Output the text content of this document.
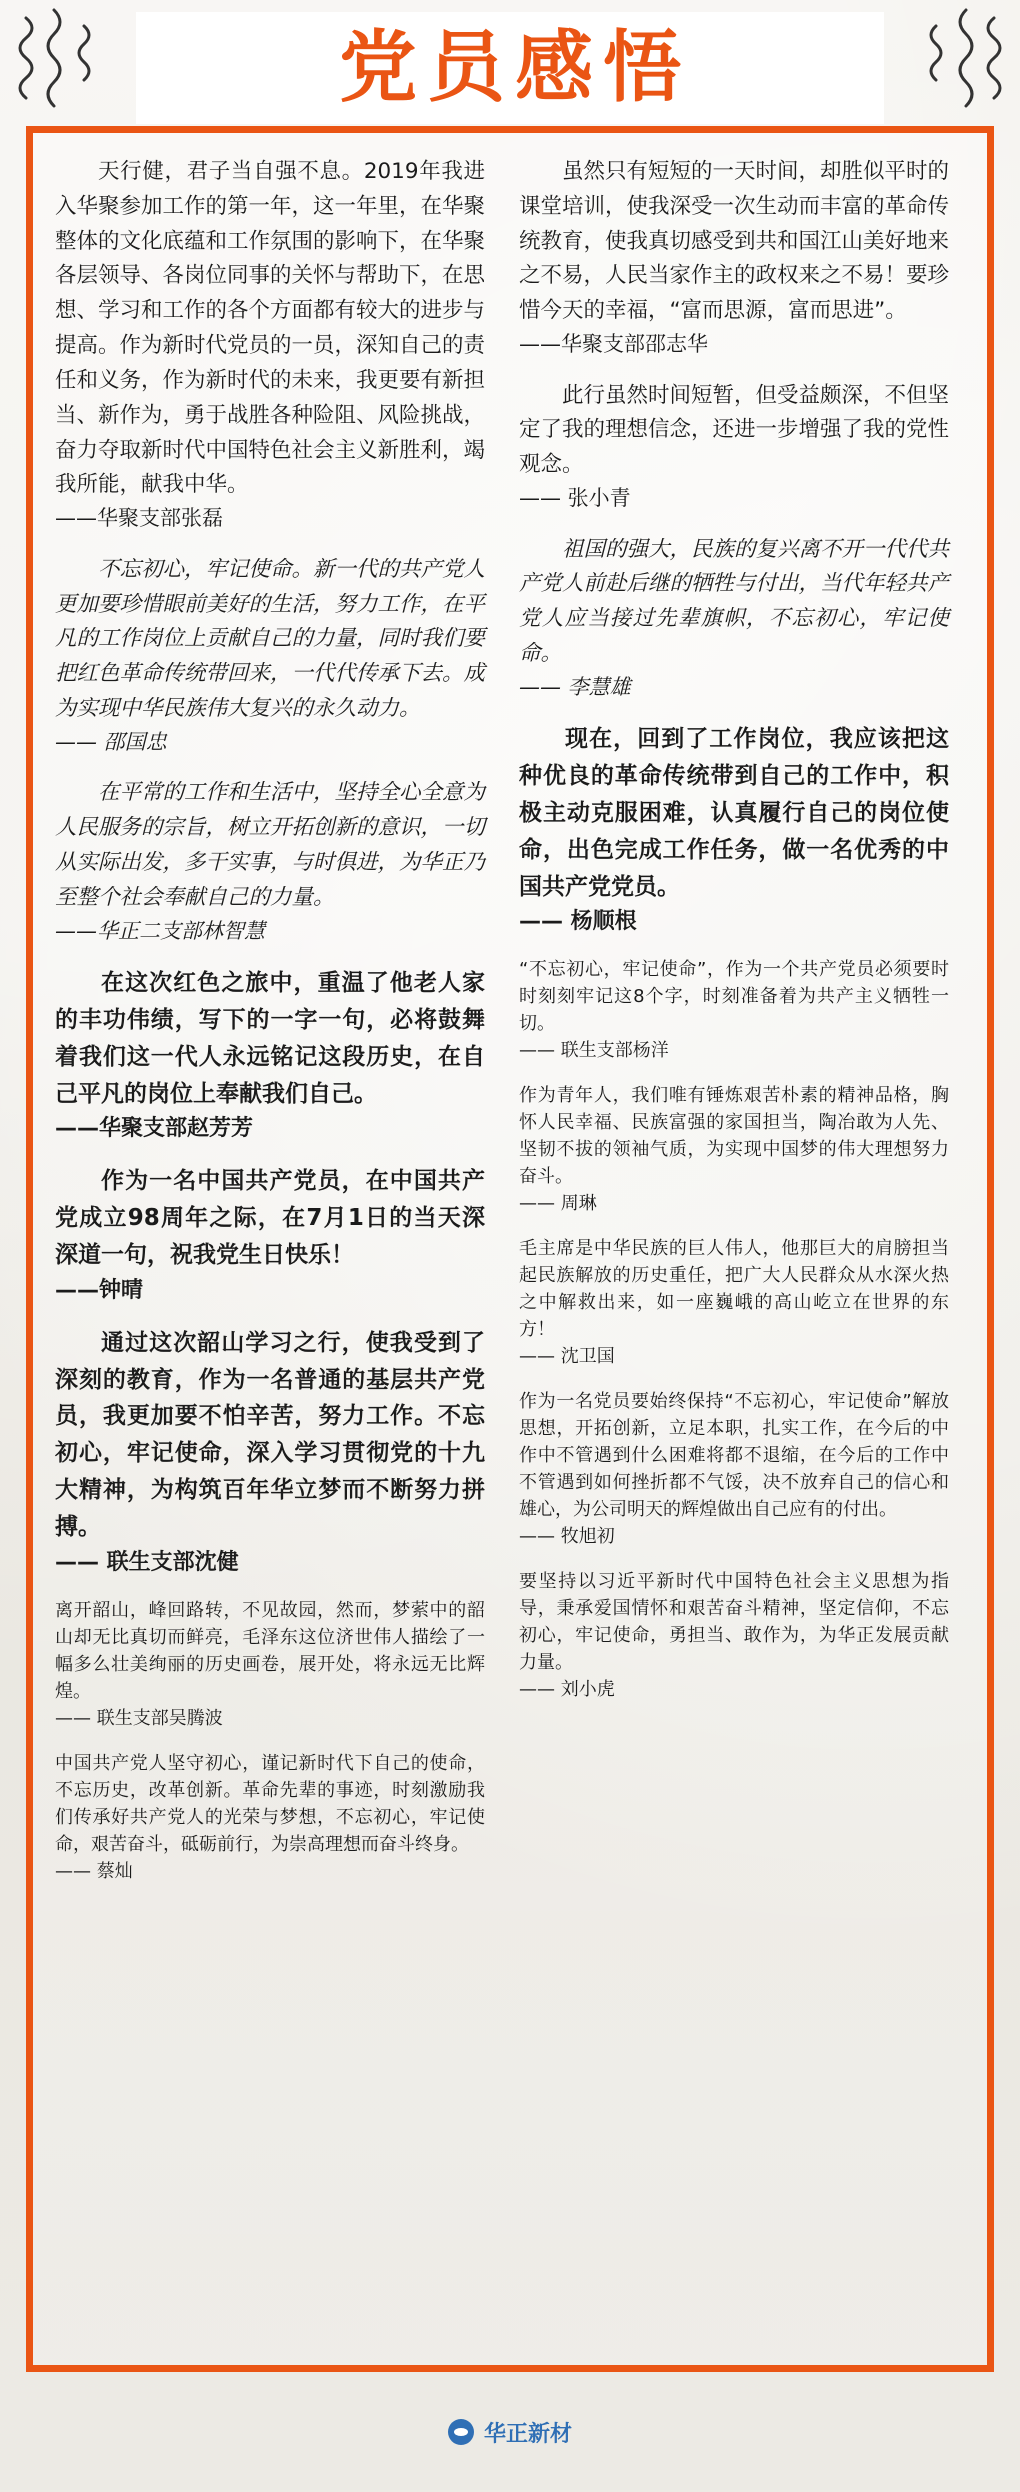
党员感悟

天行健，君子当自强不息。2019年我进入华聚参加工作的第一年，这一年里，在华聚整体的文化底蕴和工作氛围的影响下，在华聚各层领导、各岗位同事的关怀与帮助下，在思想、学习和工作的各个方面都有较大的进步与提高。作为新时代党员的一员，深知自己的责任和义务，作为新时代的未来，我更要有新担当、新作为，勇于战胜各种险阻、风险挑战，奋力夺取新时代中国特色社会主义新胜利，竭我所能，献我中华。

——华聚支部张磊

不忘初心，牢记使命。新一代的共产党人更加要珍惜眼前美好的生活，努力工作，在平凡的工作岗位上贡献自己的力量，同时我们要把红色革命传统带回来，一代代传承下去。成为实现中华民族伟大复兴的永久动力。

—— 邵国忠

在平常的工作和生活中，坚持全心全意为人民服务的宗旨，树立开拓创新的意识，一切从实际出发，多干实事，与时俱进，为华正乃至整个社会奉献自己的力量。

——华正二支部林智慧

在这次红色之旅中，重温了他老人家的丰功伟绩，写下的一字一句，必将鼓舞着我们这一代人永远铭记这段历史，在自己平凡的岗位上奉献我们自己。

——华聚支部赵芳芳

作为一名中国共产党员，在中国共产党成立98周年之际，在7月1日的当天深深道一句，祝我党生日快乐！

——钟晴

通过这次韶山学习之行，使我受到了深刻的教育，作为一名普通的基层共产党员，我更加要不怕辛苦，努力工作。不忘初心，牢记使命，深入学习贯彻党的十九大精神，为构筑百年华立梦而不断努力拼搏。

—— 联生支部沈健

离开韶山，峰回路转，不见故园，然而，梦萦中的韶山却无比真切而鲜亮，毛泽东这位济世伟人描绘了一幅多么壮美绚丽的历史画卷，展开处，将永远无比辉煌。

—— 联生支部吴腾波

中国共产党人坚守初心，谨记新时代下自己的使命，不忘历史，改革创新。革命先辈的事迹，时刻激励我们传承好共产党人的光荣与梦想，不忘初心，牢记使命，艰苦奋斗，砥砺前行，为崇高理想而奋斗终身。

—— 蔡灿

虽然只有短短的一天时间，却胜似平时的课堂培训，使我深受一次生动而丰富的革命传统教育，使我真切感受到共和国江山美好地来之不易，人民当家作主的政权来之不易！要珍惜今天的幸福，“富而思源，富而思进”。

——华聚支部邵志华

此行虽然时间短暂，但受益颇深，不但坚定了我的理想信念，还进一步增强了我的党性观念。

—— 张小青

祖国的强大，民族的复兴离不开一代代共产党人前赴后继的牺牲与付出，当代年轻共产党人应当接过先辈旗帜，不忘初心，牢记使命。

—— 李慧雄

现在，回到了工作岗位，我应该把这种优良的革命传统带到自己的工作中，积极主动克服困难，认真履行自己的岗位使命，出色完成工作任务，做一名优秀的中国共产党党员。

—— 杨顺根

“不忘初心，牢记使命”，作为一个共产党员必须要时时刻刻牢记这8个字，时刻准备着为共产主义牺牲一切。

—— 联生支部杨洋

作为青年人，我们唯有锤炼艰苦朴素的精神品格，胸怀人民幸福、民族富强的家国担当，陶冶敢为人先、坚韧不拔的领袖气质，为实现中国梦的伟大理想努力奋斗。

—— 周琳

毛主席是中华民族的巨人伟人，他那巨大的肩膀担当起民族解放的历史重任，把广大人民群众从水深火热之中解救出来，如一座巍峨的高山屹立在世界的东方！

—— 沈卫国

作为一名党员要始终保持“不忘初心，牢记使命”解放思想，开拓创新，立足本职，扎实工作，在今后的中作中不管遇到什么困难将都不退缩，在今后的工作中不管遇到如何挫折都不气馁，决不放弃自己的信心和雄心，为公司明天的辉煌做出自己应有的付出。

—— 牧旭初

要坚持以习近平新时代中国特色社会主义思想为指导，秉承爱国情怀和艰苦奋斗精神，坚定信仰，不忘初心，牢记使命，勇担当、敢作为，为华正发展贡献力量。

—— 刘小虎

华正新材
